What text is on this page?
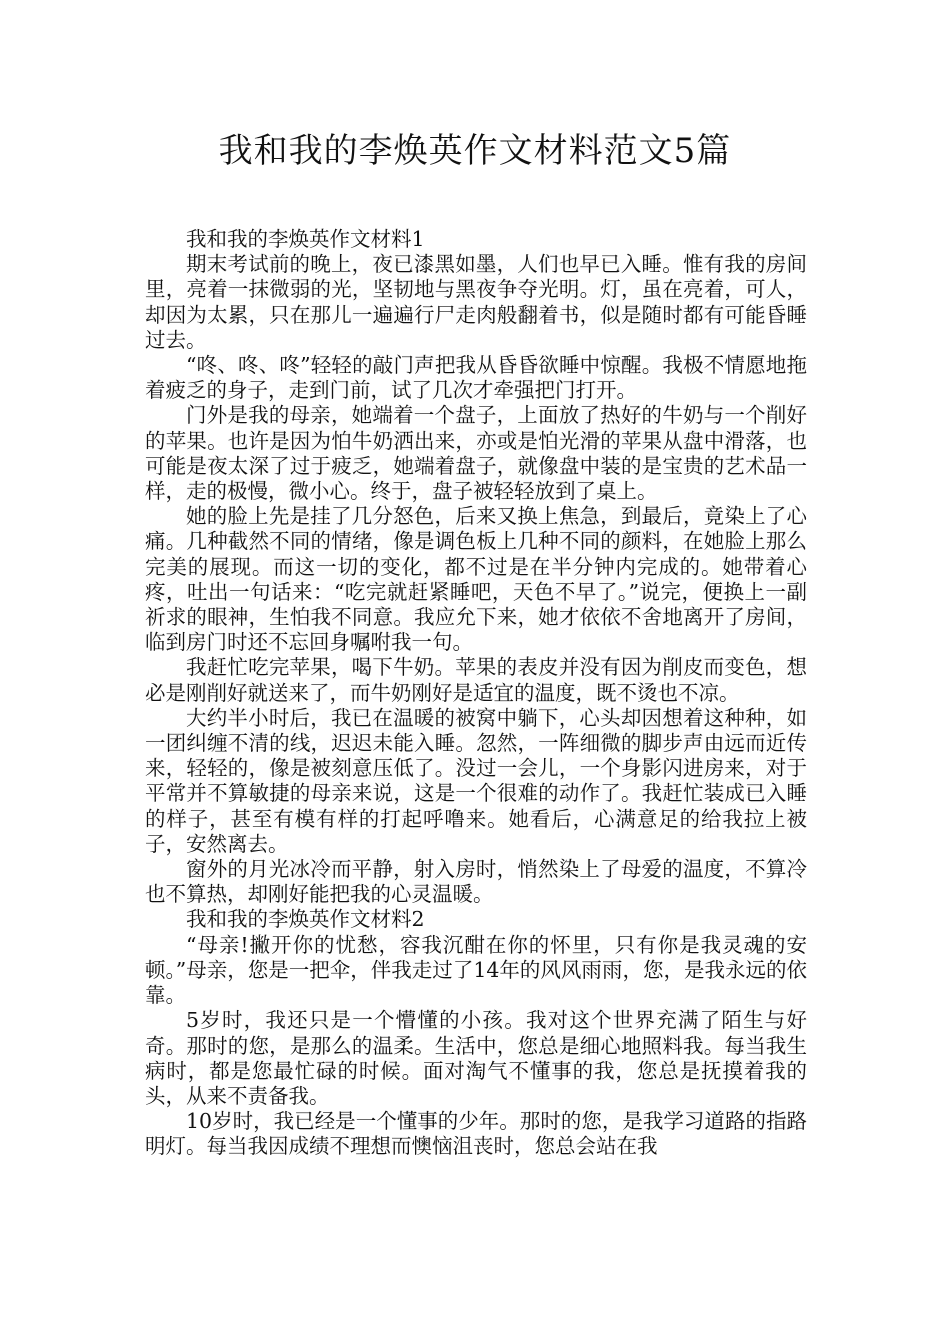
我和我的李焕英作文材料范文5篇

我和我的李焕英作文材料1

期末考试前的晚上，夜已漆黑如墨，人们也早已入睡。惟有我的房间里，亮着一抹微弱的光，坚韧地与黑夜争夺光明。灯，虽在亮着，可人，却因为太累，只在那儿一遍遍行尸走肉般翻着书，似是随时都有可能昏睡过去。

“咚、咚、咚”轻轻的敲门声把我从昏昏欲睡中惊醒。我极不情愿地拖着疲乏的身子，走到门前，试了几次才牵强把门打开。

门外是我的母亲，她端着一个盘子，上面放了热好的牛奶与一个削好的苹果。也许是因为怕牛奶洒出来，亦或是怕光滑的苹果从盘中滑落，也可能是夜太深了过于疲乏，她端着盘子，就像盘中装的是宝贵的艺术品一样，走的极慢，微小心。终于，盘子被轻轻放到了桌上。

她的脸上先是挂了几分怒色，后来又换上焦急，到最后，竟染上了心痛。几种截然不同的情绪，像是调色板上几种不同的颜料，在她脸上那么完美的展现。而这一切的变化，都不过是在半分钟内完成的。她带着心疼，吐出一句话来：“吃完就赶紧睡吧，天色不早了。”说完，便换上一副祈求的眼神，生怕我不同意。我应允下来，她才依依不舍地离开了房间，临到房门时还不忘回身嘱咐我一句。

我赶忙吃完苹果，喝下牛奶。苹果的表皮并没有因为削皮而变色，想必是刚削好就送来了，而牛奶刚好是适宜的温度，既不烫也不凉。

大约半小时后，我已在温暖的被窝中躺下，心头却因想着这种种，如一团纠缠不清的线，迟迟未能入睡。忽然，一阵细微的脚步声由远而近传来，轻轻的，像是被刻意压低了。没过一会儿，一个身影闪进房来，对于平常并不算敏捷的母亲来说，这是一个很难的动作了。我赶忙装成已入睡的样子，甚至有模有样的打起呼噜来。她看后，心满意足的给我拉上被子，安然离去。

窗外的月光冰冷而平静，射入房时，悄然染上了母爱的温度，不算冷也不算热，却刚好能把我的心灵温暖。

我和我的李焕英作文材料2

“母亲!撇开你的忧愁，容我沉酣在你的怀里，只有你是我灵魂的安顿。”母亲，您是一把伞，伴我走过了14年的风风雨雨，您，是我永远的依靠。

5岁时，我还只是一个懵懂的小孩。我对这个世界充满了陌生与好奇。那时的您，是那么的温柔。生活中，您总是细心地照料我。每当我生病时，都是您最忙碌的时候。面对淘气不懂事的我，您总是抚摸着我的头，从来不责备我。

10岁时，我已经是一个懂事的少年。那时的您，是我学习道路的指路明灯。每当我因成绩不理想而懊恼沮丧时，您总会站在我
